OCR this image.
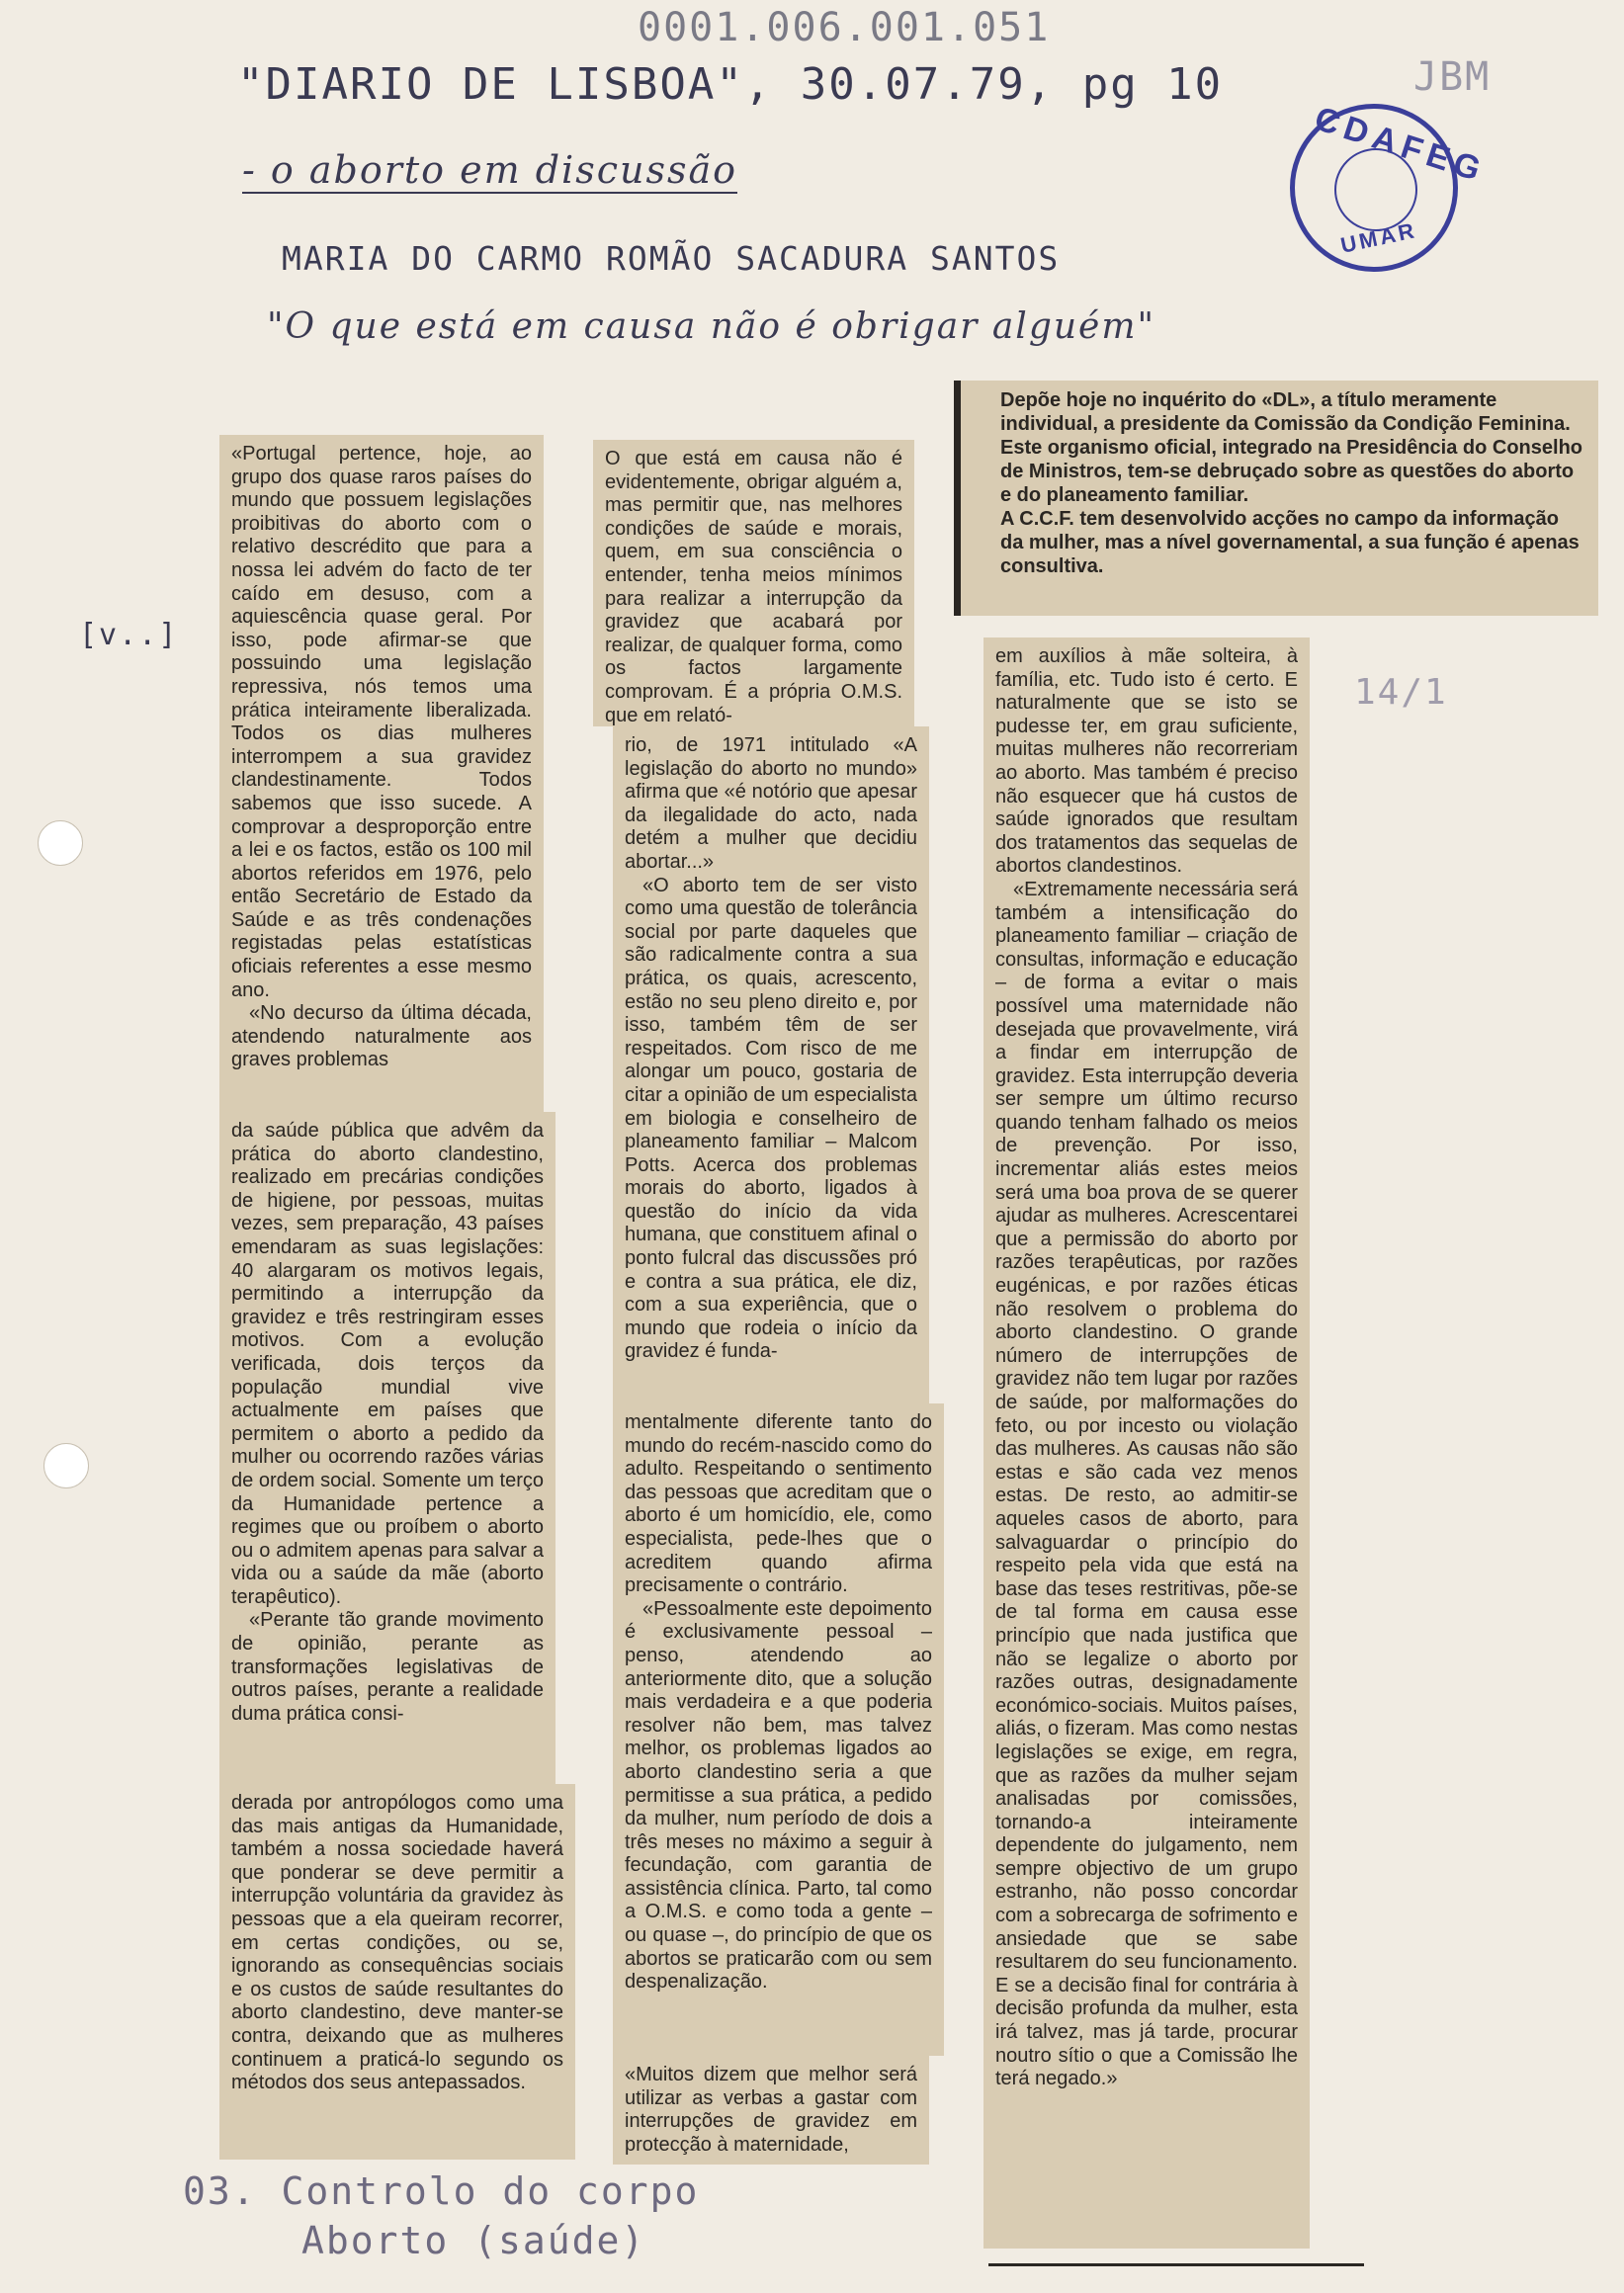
0001.006.001.051
"DIARIO DE LISBOA", 30.07.79, pg 10	JBM
- o aborto em discussão
MARIA DO CARMO ROMÃO SACADURA SANTOS
"O que está em causa não é obrigar alguém"
[v..]
14/1
03. Controlo do corpo
Aborto (saúde)
CDAFEG
UMAR

Depõe hoje no inquérito do «DL», a título meramente individual, a presidente da Comissão da Condição Feminina.

Este organismo oficial, integrado na Presidência do Conselho de Ministros, tem-se debruçado sobre as questões do aborto e do planeamento familiar.

A C.C.F. tem desenvolvido acções no campo da informação da mulher, mas a nível governamental, a sua função é apenas consultiva.

«Portugal pertence, hoje, ao grupo dos quase raros países do mundo que possuem legislações proibitivas do aborto com o relativo descrédito que para a nossa lei advém do facto de ter caído em desuso, com a aquiescência quase geral. Por isso, pode afirmar-se que possuindo uma legislação repressiva, nós temos uma prática inteiramente liberalizada. Todos os dias mulheres interrompem a sua gravidez clandestinamente. Todos sabemos que isso sucede. A comprovar a desproporção entre a lei e os factos, estão os 100 mil abortos referidos em 1976, pelo então Secretário de Estado da Saúde e as três condenações registadas pelas estatísticas oficiais referentes a esse mesmo ano.

«No decurso da última década, atendendo naturalmente aos graves problemas

da saúde pública que advêm da prática do aborto clandestino, realizado em precárias condições de higiene, por pessoas, muitas vezes, sem preparação, 43 países emendaram as suas legislações: 40 alargaram os motivos legais, permitindo a interrupção da gravidez e três restringiram esses motivos. Com a evolução verificada, dois terços da população mundial vive actualmente em países que permitem o aborto a pedido da mulher ou ocorrendo razões várias de ordem social. Somente um terço da Humanidade pertence a regimes que ou proíbem o aborto ou o admitem apenas para salvar a vida ou a saúde da mãe (aborto terapêutico).

«Perante tão grande movimento de opinião, perante as transformações legislativas de outros países, perante a realidade duma prática consi-

derada por antropólogos como uma das mais antigas da Humanidade, também a nossa sociedade haverá que ponderar se deve permitir a interrupção voluntária da gravidez às pessoas que a ela queiram recorrer, em certas condições, ou se, ignorando as consequências sociais e os custos de saúde resultantes do aborto clandestino, deve manter-se contra, deixando que as mulheres continuem a praticá-lo segundo os métodos dos seus antepassados.

O que está em causa não é evidentemente, obrigar alguém a, mas permitir que, nas melhores condições de saúde e morais, quem, em sua consciência o entender, tenha meios mínimos para realizar a interrupção da gravidez que acabará por realizar, de qualquer forma, como os factos largamente comprovam. É a própria O.M.S. que em relató-

rio, de 1971 intitulado «A legislação do aborto no mundo» afirma que «é notório que apesar da ilegalidade do acto, nada detém a mulher que decidiu abortar...»

«O aborto tem de ser visto como uma questão de tolerância social por parte daqueles que são radicalmente contra a sua prática, os quais, acrescento, estão no seu pleno direito e, por isso, também têm de ser respeitados. Com risco de me alongar um pouco, gostaria de citar a opinião de um especialista em biologia e conselheiro de planeamento familiar – Malcom Potts. Acerca dos problemas morais do aborto, ligados à questão do início da vida humana, que constituem afinal o ponto fulcral das discussões pró e contra a sua prática, ele diz, com a sua experiência, que o mundo que rodeia o início da gravidez é funda-

mentalmente diferente tanto do mundo do recém-nascido como do adulto. Respeitando o sentimento das pessoas que acreditam que o aborto é um homicídio, ele, como especialista, pede-lhes que o acreditem quando afirma precisamente o contrário.

«Pessoalmente este depoimento é exclusivamente pessoal – penso, atendendo ao anteriormente dito, que a solução mais verdadeira e a que poderia resolver não bem, mas talvez melhor, os problemas ligados ao aborto clandestino seria a que permitisse a sua prática, a pedido da mulher, num período de dois a três meses no máximo a seguir à fecundação, com garantia de assistência clínica. Parto, tal como a O.M.S. e como toda a gente – ou quase –, do princípio de que os abortos se praticarão com ou sem despenalização.

«Muitos dizem que melhor será utilizar as verbas a gastar com interrupções de gravidez em protecção à maternidade,

em auxílios à mãe solteira, à família, etc. Tudo isto é certo. E naturalmente que se isto se pudesse ter, em grau suficiente, muitas mulheres não recorreriam ao aborto. Mas também é preciso não esquecer que há custos de saúde ignorados que resultam dos tratamentos das sequelas de abortos clandestinos.

«Extremamente necessária será também a intensificação do planeamento familiar – criação de consultas, informação e educação – de forma a evitar o mais possível uma maternidade não desejada que provavelmente, virá a findar em interrupção de gravidez. Esta interrupção deveria ser sempre um último recurso quando tenham falhado os meios de prevenção. Por isso, incrementar aliás estes meios será uma boa prova de se querer ajudar as mulheres. Acrescentarei que a permissão do aborto por razões terapêuticas, por razões eugénicas, e por razões éticas não resolvem o problema do aborto clandestino. O grande número de interrupções de gravidez não tem lugar por razões de saúde, por malformações do feto, ou por incesto ou violação das mulheres. As causas não são estas e são cada vez menos estas. De resto, ao admitir-se aqueles casos de aborto, para salvaguardar o princípio do respeito pela vida que está na base das teses restritivas, põe-se de tal forma em causa esse princípio que nada justifica que não se legalize o aborto por razões outras, designadamente económico-sociais. Muitos países, aliás, o fizeram. Mas como nestas legislações se exige, em regra, que as razões da mulher sejam analisadas por comissões, tornando-a inteiramente dependente do julgamento, nem sempre objectivo de um grupo estranho, não posso concordar com a sobrecarga de sofrimento e ansiedade que se sabe resultarem do seu funcionamento. E se a decisão final for contrária à decisão profunda da mulher, esta irá talvez, mas já tarde, procurar noutro sítio o que a Comissão lhe terá negado.»
